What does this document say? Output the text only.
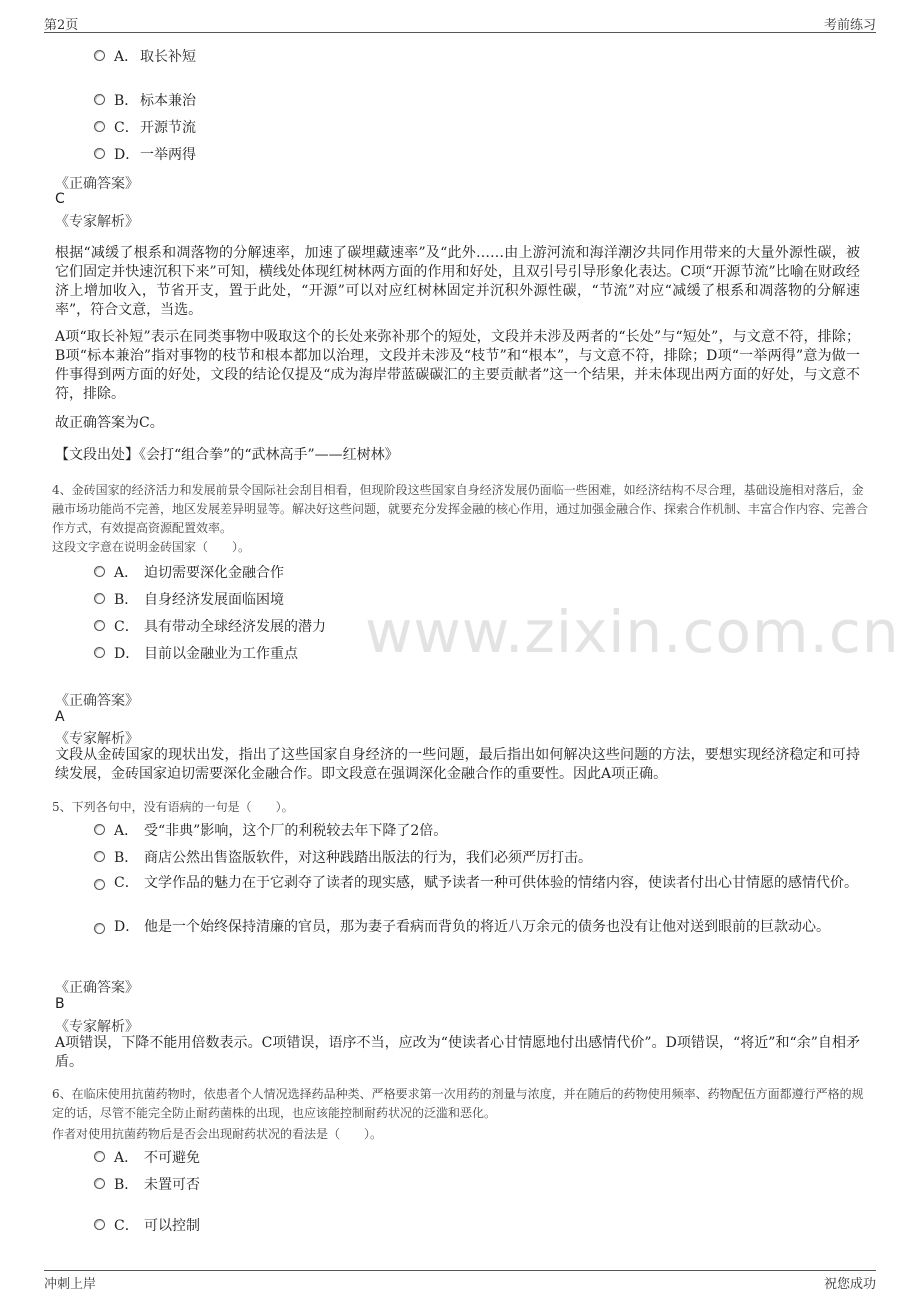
第2页	考前练习
www.zixin.com.cn
A． 取长补短
B． 标本兼治
C． 开源节流
D． 一举两得
《正确答案》
C
《专家解析》

根据“减缓了根系和凋落物的分解速率，加速了碳埋藏速率”及“此外……由上游河流和海洋潮汐共同作用带来的大量外源性碳，被它们固定并快速沉积下来”可知，横线处体现红树林两方面的作用和好处，且双引号引导形象化表达。C项“开源节流”比喻在财政经济上增加收入，节省开支，置于此处，“开源”可以对应红树林固定并沉积外源性碳，“节流”对应“减缓了根系和凋落物的分解速率”，符合文意，当选。

A项“取长补短”表示在同类事物中吸取这个的长处来弥补那个的短处，文段并未涉及两者的“长处”与“短处”，与文意不符，排除；B项“标本兼治”指对事物的枝节和根本都加以治理，文段并未涉及“枝节”和“根本”，与文意不符，排除；D项“一举两得”意为做一件事得到两方面的好处，文段的结论仅提及“成为海岸带蓝碳碳汇的主要贡献者”这一个结果，并未体现出两方面的好处，与文意不符，排除。

故正确答案为C。

【文段出处】《会打“组合拳”的“武林高手”——红树林》

4、金砖国家的经济活力和发展前景令国际社会刮目相看，但现阶段这些国家自身经济发展仍面临一些困难，如经济结构不尽合理，基础设施相对落后，金融市场功能尚不完善，地区发展差异明显等。解决好这些问题，就要充分发挥金融的核心作用，通过加强金融合作、探索合作机制、丰富合作内容、完善合作方式，有效提高资源配置效率。

这段文字意在说明金砖国家（　　）。
A． 迫切需要深化金融合作
B． 自身经济发展面临困境
C． 具有带动全球经济发展的潜力
D． 目前以金融业为工作重点
《正确答案》
A
《专家解析》

文段从金砖国家的现状出发，指出了这些国家自身经济的一些问题，最后指出如何解决这些问题的方法，要想实现经济稳定和可持续发展，金砖国家迫切需要深化金融合作。即文段意在强调深化金融合作的重要性。因此A项正确。

5、下列各句中，没有语病的一句是（　　）。
A． 受“非典”影响，这个厂的利税较去年下降了2倍。
B． 商店公然出售盗版软件，对这种践踏出版法的行为，我们必须严厉打击。
C． 文学作品的魅力在于它剥夺了读者的现实感，赋予读者一种可供体验的情绪内容，使读者付出心甘情愿的感情代价。
D． 他是一个始终保持清廉的官员，那为妻子看病而背负的将近八万余元的债务也没有让他对送到眼前的巨款动心。
《正确答案》
B
《专家解析》

A项错误，下降不能用倍数表示。C项错误，语序不当，应改为“使读者心甘情愿地付出感情代价”。D项错误，“将近”和“余”自相矛盾。

6、在临床使用抗菌药物时，依患者个人情况选择药品种类、严格要求第一次用药的剂量与浓度，并在随后的药物使用频率、药物配伍方面都遵行严格的规定的话，尽管不能完全防止耐药菌株的出现，也应该能控制耐药状况的泛滥和恶化。

作者对使用抗菌药物后是否会出现耐药状况的看法是（　　）。
A． 不可避免
B． 未置可否
C． 可以控制
冲刺上岸	祝您成功
